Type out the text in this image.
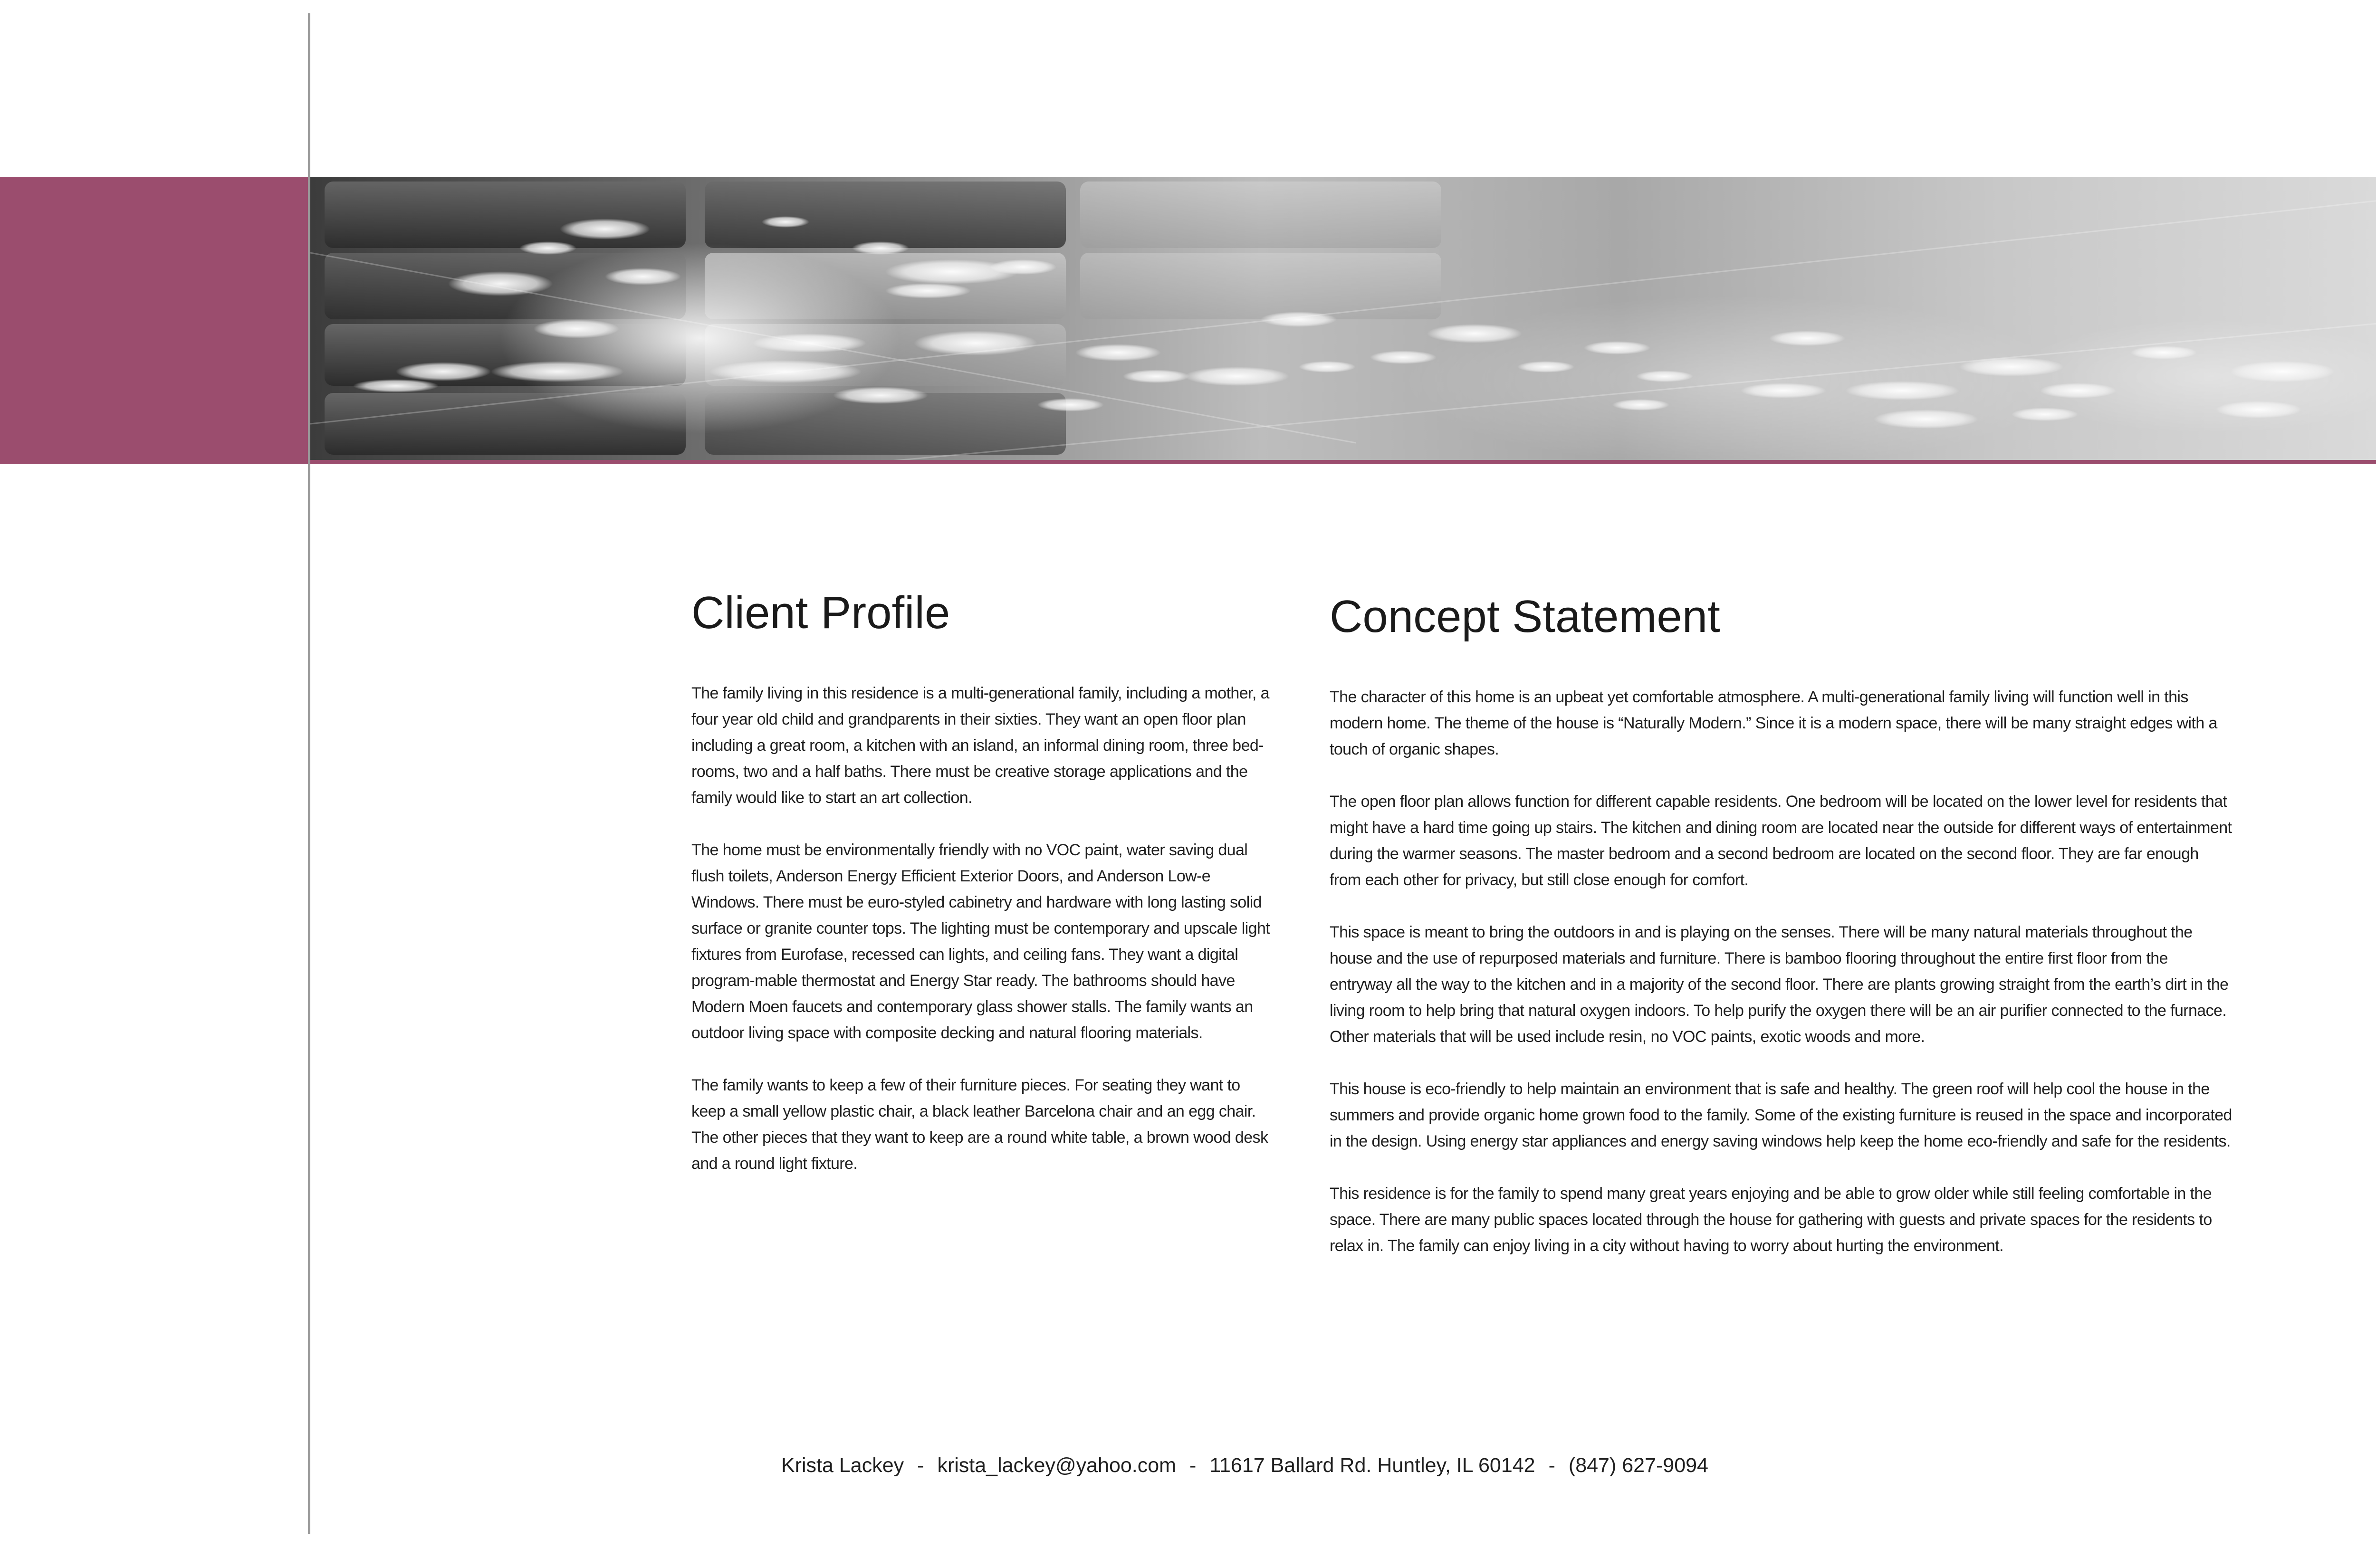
Client Profile

The family living in this residence is a multi-generational family, including a mother, a four year old child and grandparents in their sixties. They want an open floor plan including a great room, a kitchen with an island, an informal dining room, three bed-rooms, two and a half baths. There must be creative storage applications and the family would like to start an art collection.

The home must be environmentally friendly with no VOC paint, water saving dual flush toilets, Anderson Energy Efficient Exterior Doors, and Anderson Low-e Windows. There must be euro-styled cabinetry and hardware with long lasting solid surface or granite counter tops. The lighting must be contemporary and upscale light fixtures from Eurofase, recessed can lights, and ceiling fans. They want a digital program-mable thermostat and Energy Star ready. The bathrooms should have Modern Moen faucets and contemporary glass shower stalls. The family wants an outdoor living space with composite decking and natural flooring materials.

The family wants to keep a few of their furniture pieces. For seating they want to keep a small yellow plastic chair, a black leather Barcelona chair and an egg chair. The other pieces that they want to keep are a round white table, a brown wood desk and a round light fixture.

Concept Statement

The character of this home is an upbeat yet comfortable atmosphere. A multi-generational family living will function well in this modern home. The theme of the house is “Naturally Modern.” Since it is a modern space, there will be many straight edges with a touch of organic shapes.

The open floor plan allows function for different capable residents. One bedroom will be located on the lower level for residents that might have a hard time going up stairs. The kitchen and dining room are located near the outside for different ways of entertainment during the warmer seasons. The master bedroom and a second bedroom are located on the second floor. They are far enough from each other for privacy, but still close enough for comfort.

This space is meant to bring the outdoors in and is playing on the senses. There will be many natural materials throughout the house and the use of repurposed materials and furniture. There is bamboo flooring throughout the entire first floor from the entryway all the way to the kitchen and in a majority of the second floor. There are plants growing straight from the earth’s dirt in the living room to help bring that natural oxygen indoors. To help purify the oxygen there will be an air purifier connected to the furnace. Other materials that will be used include resin, no VOC paints, exotic woods and more.

This house is eco-friendly to help maintain an environment that is safe and healthy. The green roof will help cool the house in the summers and provide organic home grown food to the family. Some of the existing furniture is reused in the space and incorporated in the design. Using energy star appliances and energy saving windows help keep the home eco-friendly and safe for the residents.

This residence is for the family to spend many great years enjoying and be able to grow older while still feeling comfortable in the space. There are many public spaces located through the house for gathering with guests and private spaces for the residents to relax in. The family can enjoy living in a city without having to worry about hurting the environment.

Krista Lackey - krista_lackey@yahoo.com - 11617 Ballard Rd. Huntley, IL 60142 - (847) 627-9094
